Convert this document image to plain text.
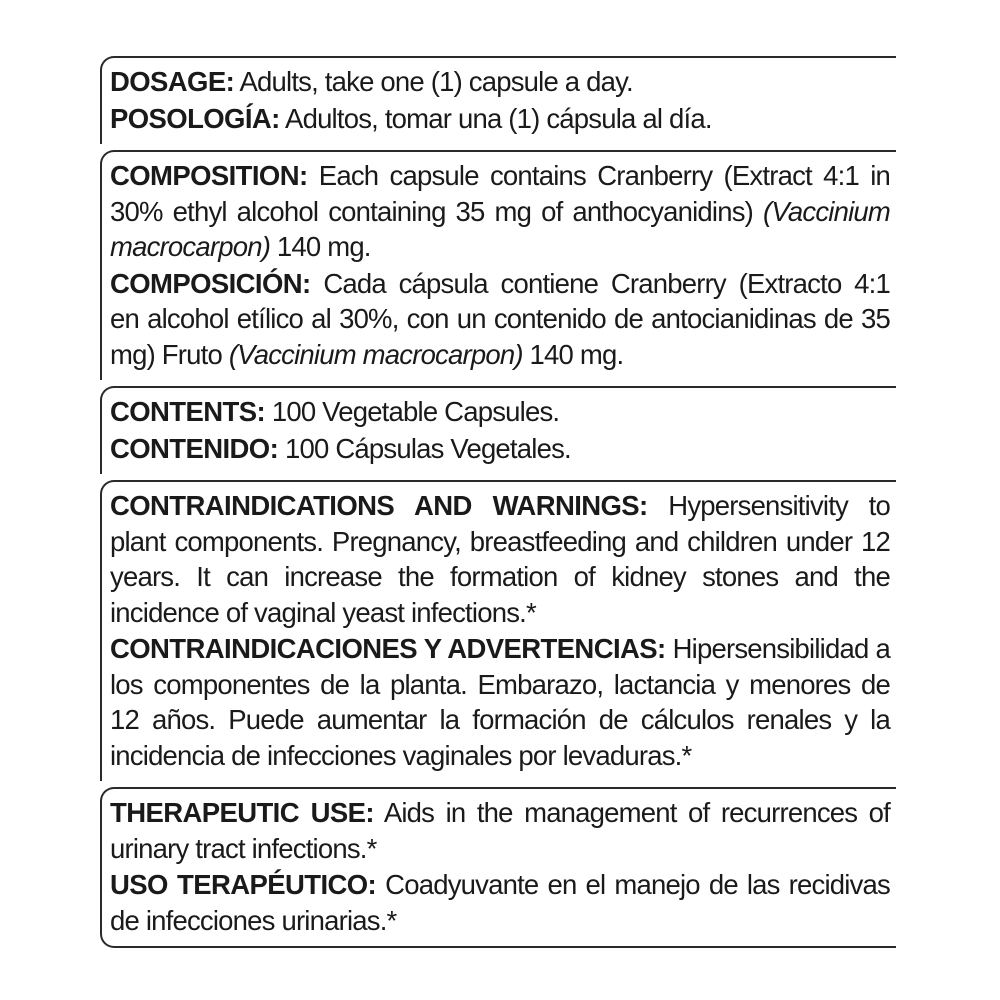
DOSAGE: Adults, take one (1) capsule a day.

POSOLOGÍA: Adultos, tomar una (1) cápsula al día.

COMPOSITION: Each capsule contains Cranberry (Extract 4:1 in 30% ethyl alcohol containing 35 mg of anthocyanidins) (Vaccinium macrocarpon) 140 mg.

COMPOSICIÓN: Cada cápsula contiene Cranberry (Extracto 4:1 en alcohol etílico al 30%, con un contenido de antocianidinas de 35 mg) Fruto (Vaccinium macrocarpon) 140 mg.

CONTENTS: 100 Vegetable Capsules.

CONTENIDO: 100 Cápsulas Vegetales.

CONTRAINDICATIONS AND WARNINGS: Hypersensitivity to plant components. Pregnancy, breastfeeding and children under 12 years. It can increase the formation of kidney stones and the incidence of vaginal yeast infections.*

CONTRAINDICACIONES Y ADVERTENCIAS: Hipersensibilidad a los componentes de la planta. Embarazo, lactancia y menores de 12 años. Puede aumentar la formación de cálculos renales y la incidencia de infecciones vaginales por levaduras.*

THERAPEUTIC USE: Aids in the management of recurrences of urinary tract infections.*

USO TERAPÉUTICO: Coadyuvante en el manejo de las recidivas de infecciones urinarias.*
